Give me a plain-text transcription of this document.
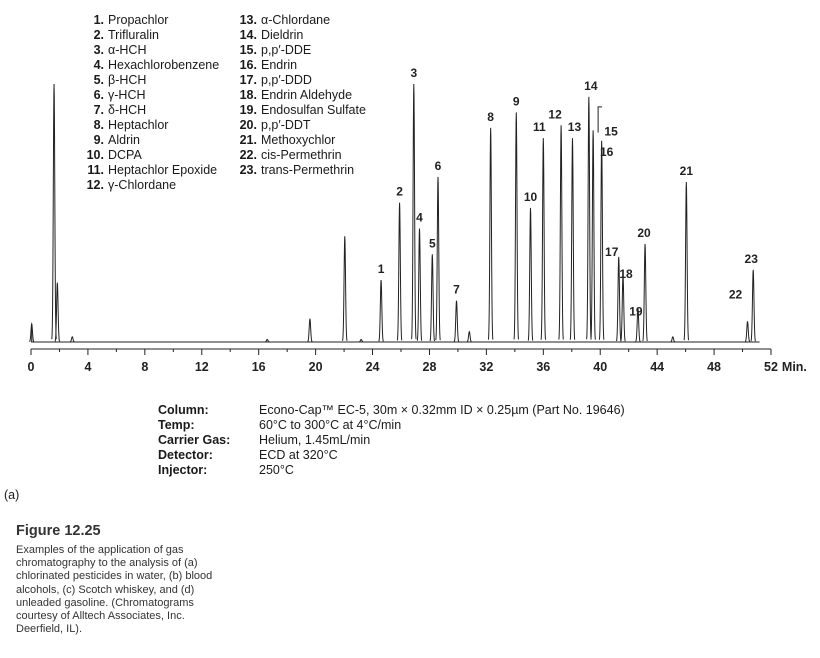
1. Propachlor
2. Trifluralin
3. α-HCH
4. Hexachlorobenzene
5. β-HCH
6. γ-HCH
7. δ-HCH
8. Heptachlor
9. Aldrin
10. DCPA
11. Heptachlor Epoxide
12. γ-Chlordane
13. α-Chlordane
14. Dieldrin
15. p,p′-DDE
16. Endrin
17. p,p′-DDD
18. Endrin Aldehyde
19. Endosulfan Sulfate
20. p,p′-DDT
21. Methoxychlor
22. cis-Permethrin
23. trans-Permethrin
0	4	8	12	16	20	24	28	32	36	40	44	48	52 Min.
1
2
3
4
5
6
7
8
9
10
11
12
13
14
15
16
17
18
19
20
21
22
23
Column:	Econo-Cap™ EC-5, 30m × 0.32mm ID × 0.25µm (Part No. 19646)
Temp:	60°C to 300°C at 4°C/min
Carrier Gas: Helium, 1.45mL/min
Detector:	ECD at 320°C
Injector:	250°C
(a)
Figure 12.25
Examples of the application of gas chromatography to the analysis of (a) chlorinated pesticides in water, (b) blood alcohols, (c) Scotch whiskey, and (d) unleaded gasoline. (Chromatograms courtesy of Alltech Associates, Inc. Deerfield, IL).
